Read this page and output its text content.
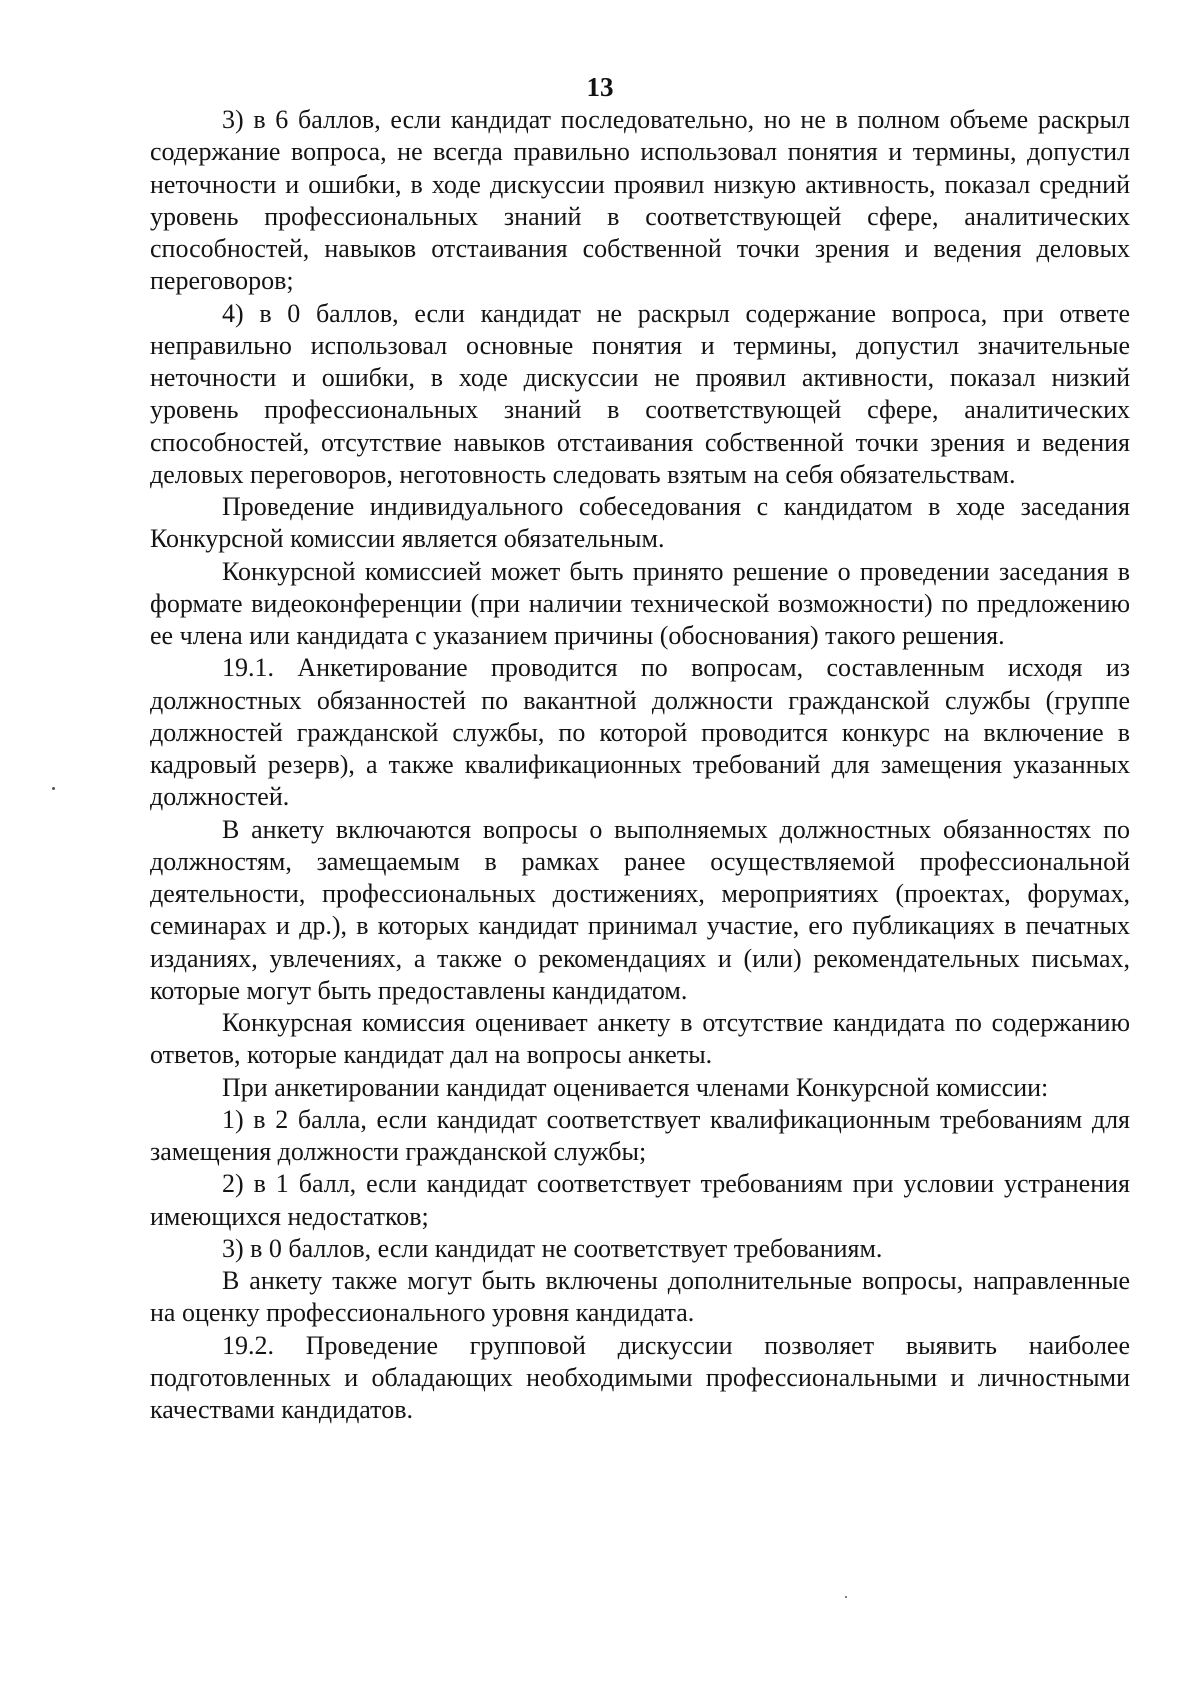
13

3) в 6 баллов, если кандидат последовательно, но не в полном объеме раскрыл содержание вопроса, не всегда правильно использовал понятия и термины, допустил неточности и ошибки, в ходе дискуссии проявил низкую активность, показал средний уровень профессиональных знаний в соответствующей сфере, аналитических способностей, навыков отстаивания собственной точки зрения и ведения деловых переговоров;

4) в 0 баллов, если кандидат не раскрыл содержание вопроса, при ответе неправильно использовал основные понятия и термины, допустил значительные неточности и ошибки, в ходе дискуссии не проявил активности, показал низкий уровень профессиональных знаний в соответствующей сфере, аналитических способностей, отсутствие навыков отстаивания собственной точки зрения и ведения деловых переговоров, неготовность следовать взятым на себя обязательствам.

Проведение индивидуального собеседования с кандидатом в ходе заседания Конкурсной комиссии является обязательным.

Конкурсной комиссией может быть принято решение о проведении заседания в формате видеоконференции (при наличии технической возможности) по предложению ее члена или кандидата с указанием причины (обоснования) такого решения.

19.1. Анкетирование проводится по вопросам, составленным исходя из должностных обязанностей по вакантной должности гражданской службы (группе должностей гражданской службы, по которой проводится конкурс на включение в кадровый резерв), а также квалификационных требований для замещения указанных должностей.

В анкету включаются вопросы о выполняемых должностных обязанностях по должностям, замещаемым в рамках ранее осуществляемой профессиональной деятельности, профессиональных достижениях, мероприятиях (проектах, форумах, семинарах и др.), в которых кандидат принимал участие, его публикациях в печатных изданиях, увлечениях, а также о рекомендациях и (или) рекомендательных письмах, которые могут быть предоставлены кандидатом.

Конкурсная комиссия оценивает анкету в отсутствие кандидата по содержанию ответов, которые кандидат дал на вопросы анкеты.

При анкетировании кандидат оценивается членами Конкурсной комиссии:

1) в 2 балла, если кандидат соответствует квалификационным требованиям для замещения должности гражданской службы;

2) в 1 балл, если кандидат соответствует требованиям при условии устранения имеющихся недостатков;

3) в 0 баллов, если кандидат не соответствует требованиям.

В анкету также могут быть включены дополнительные вопросы, направленные на оценку профессионального уровня кандидата.

19.2. Проведение групповой дискуссии позволяет выявить наиболее подготовленных и обладающих необходимыми профессиональными и личностными качествами кандидатов.
